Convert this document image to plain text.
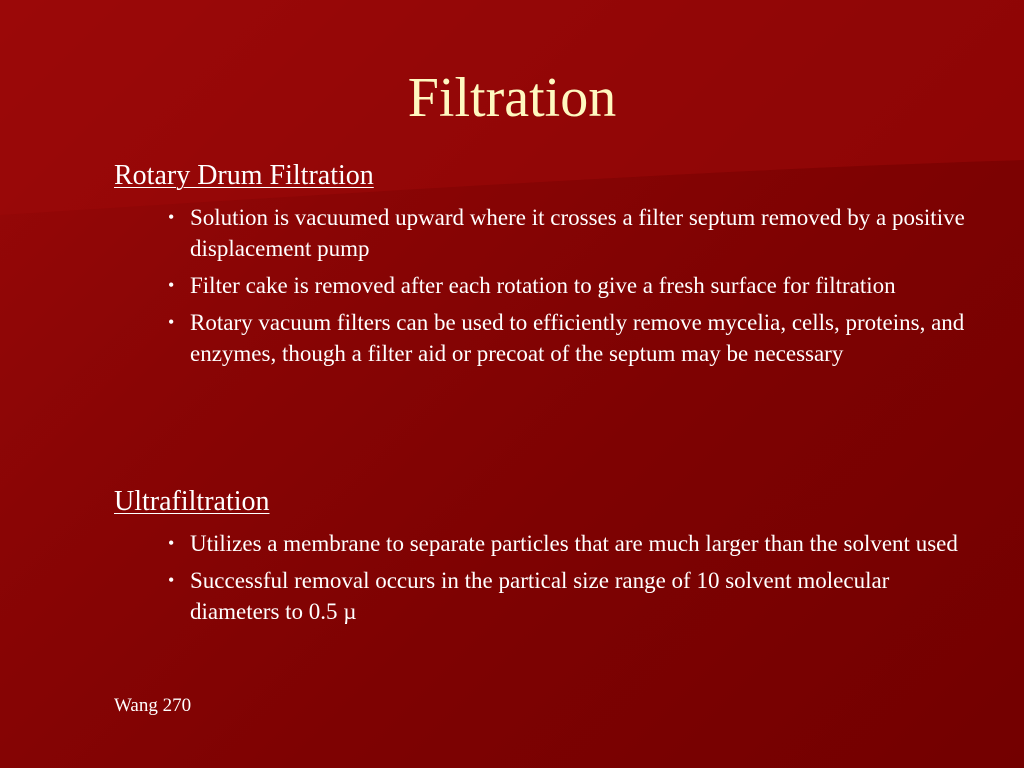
Filtration
Rotary Drum Filtration
• Solution is vacuumed upward where it crosses a filter septum removed by a positive displacement pump
• Filter cake is removed after each rotation to give a fresh surface for filtration
• Rotary vacuum filters can be used to efficiently remove mycelia, cells, proteins, and enzymes, though a filter aid or precoat of the septum may be necessary
Ultrafiltration
• Utilizes a membrane to separate particles that are much larger than the solvent used
• Successful removal occurs in the partical size range of 10 solvent molecular diameters to 0.5 µ
Wang 270
